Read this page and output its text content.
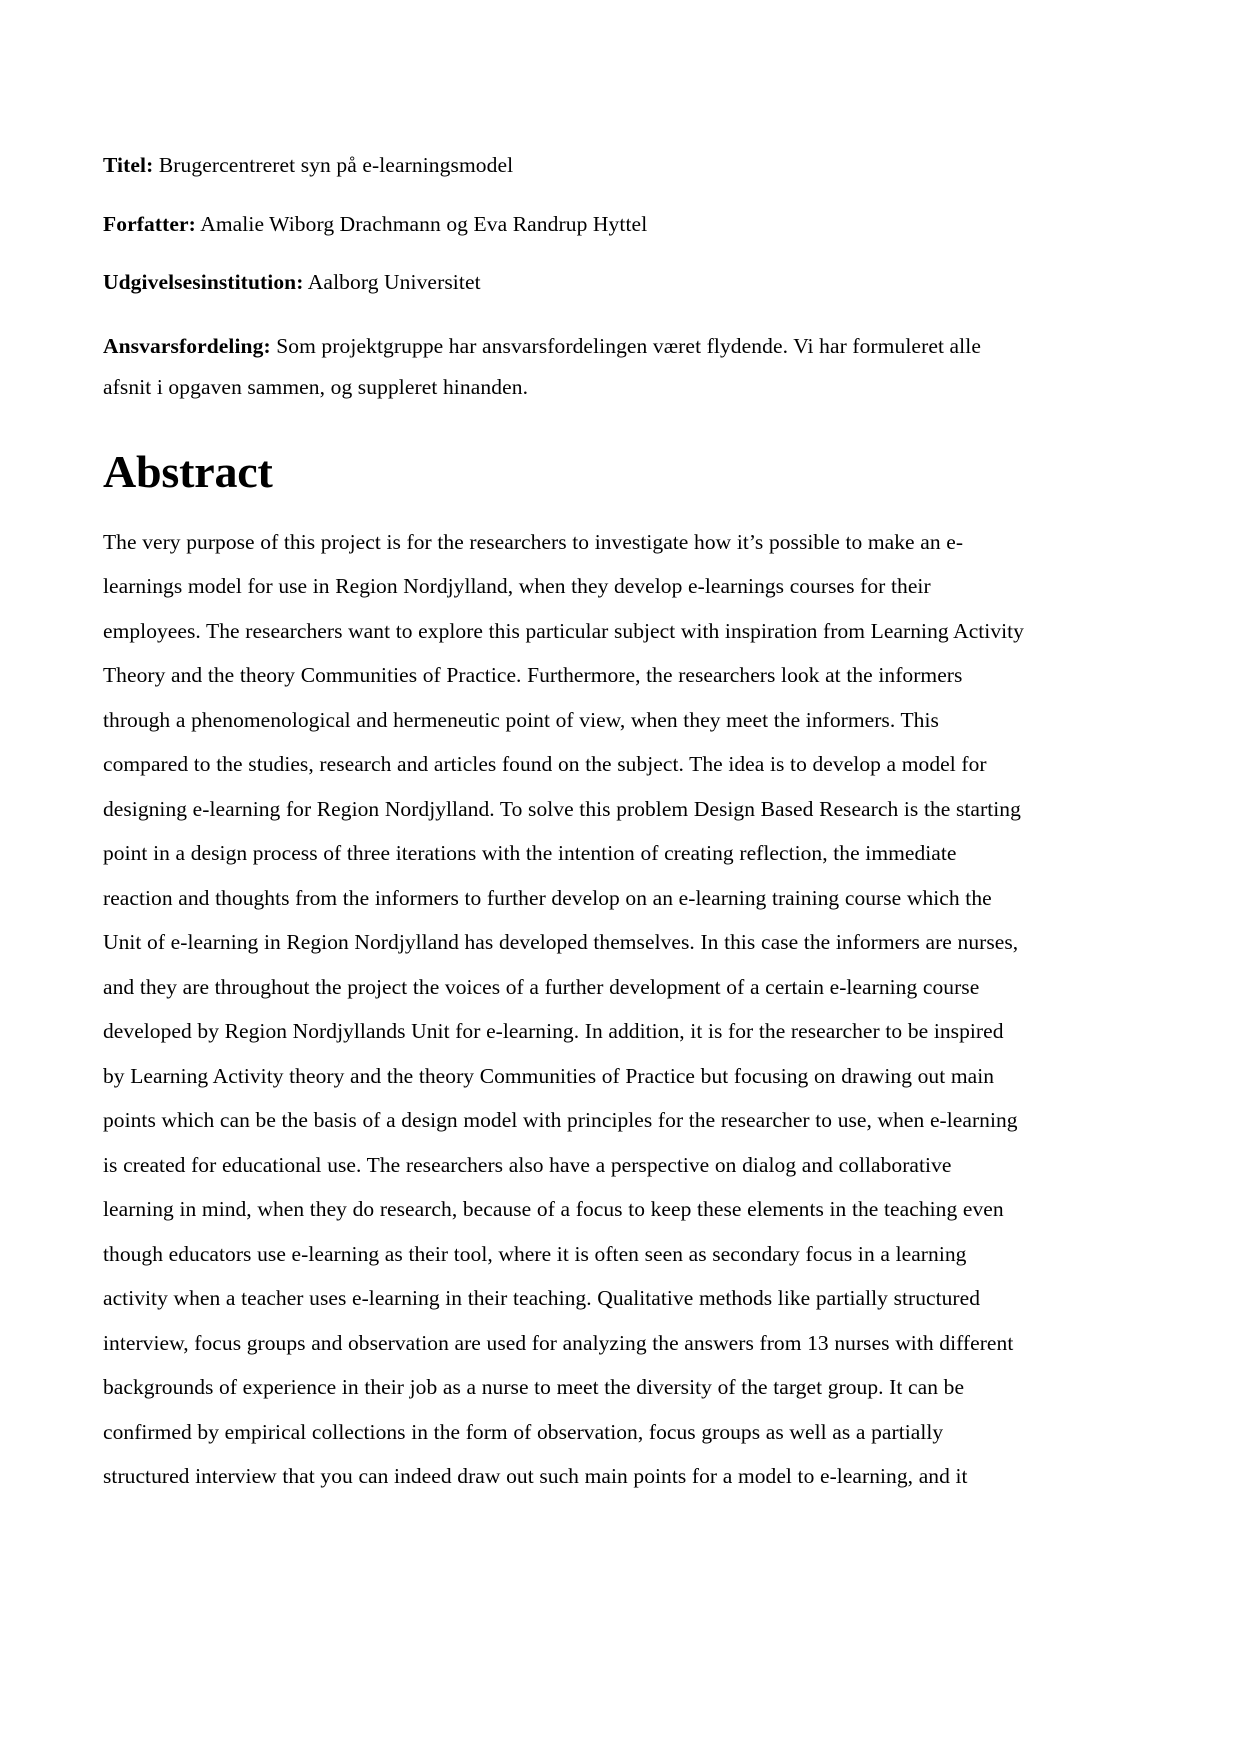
Titel: Brugercentreret syn på e-learningsmodel

Forfatter: Amalie Wiborg Drachmann og Eva Randrup Hyttel

Udgivelsesinstitution: Aalborg Universitet

Ansvarsfordeling: Som projektgruppe har ansvarsfordelingen været flydende. Vi har formuleret alle afsnit i opgaven sammen, og suppleret hinanden.

Abstract

The very purpose of this project is for the researchers to investigate how it’s possible to make an e-learnings model for use in Region Nordjylland, when they develop e-learnings courses for their employees. The researchers want to explore this particular subject with inspiration from Learning Activity Theory and the theory Communities of Practice. Furthermore, the researchers look at the informers through a phenomenological and hermeneutic point of view, when they meet the informers. This compared to the studies, research and articles found on the subject. The idea is to develop a model for designing e-learning for Region Nordjylland. To solve this problem Design Based Research is the starting point in a design process of three iterations with the intention of creating reflection, the immediate reaction and thoughts from the informers to further develop on an e-learning training course which the Unit of e-learning in Region Nordjylland has developed themselves. In this case the informers are nurses, and they are throughout the project the voices of a further development of a certain e-learning course developed by Region Nordjyllands Unit for e-learning. In addition, it is for the researcher to be inspired by Learning Activity theory and the theory Communities of Practice but focusing on drawing out main points which can be the basis of a design model with principles for the researcher to use, when e-learning is created for educational use. The researchers also have a perspective on dialog and collaborative learning in mind, when they do research, because of a focus to keep these elements in the teaching even though educators use e-learning as their tool, where it is often seen as secondary focus in a learning activity when a teacher uses e-learning in their teaching. Qualitative methods like partially structured interview, focus groups and observation are used for analyzing the answers from 13 nurses with different backgrounds of experience in their job as a nurse to meet the diversity of the target group. It can be confirmed by empirical collections in the form of observation, focus groups as well as a partially structured interview that you can indeed draw out such main points for a model to e-learning, and it
